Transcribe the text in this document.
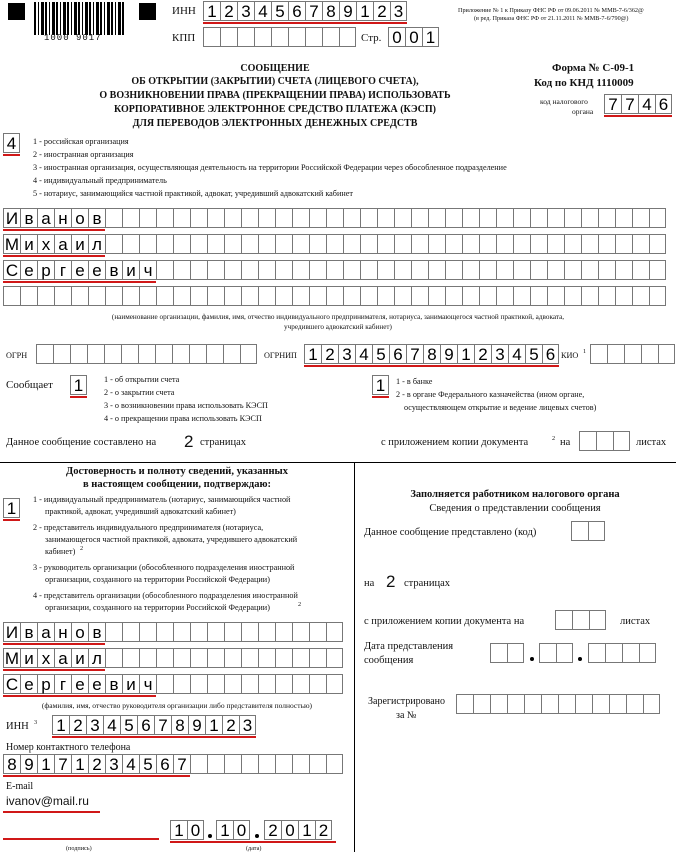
1000 9017
ИНН 1 2 3 4 5 6 7 8 9 1 2 3
КПП	Стр. 0 0 1
Приложение № 1 к Приказу ФНС РФ от 09.06.2011 № ММВ-7-6/362@
(в ред. Приказа ФНС РФ от 21.11.2011 № ММВ-7-6/790@)
СООБЩЕНИЕ
ОБ ОТКРЫТИИ (ЗАКРЫТИИ) СЧЕТА (ЛИЦЕВОГО СЧЕТА),
О ВОЗНИКНОВЕНИИ ПРАВА (ПРЕКРАЩЕНИИ ПРАВА) ИСПОЛЬЗОВАТЬ
КОРПОРАТИВНОЕ ЭЛЕКТРОННОЕ СРЕДСТВО ПЛАТЕЖА (КЭСП)
ДЛЯ ПЕРЕВОДОВ ЭЛЕКТРОННЫХ ДЕНЕЖНЫХ СРЕДСТВ
Форма № С-09-1
Код по КНД 1110009
код налогового
органа 7 7 4 6
4	1 - российская организация
2 - иностранная организация
3 - иностранная организация, осуществляющая деятельность на территории Российской Федерации через обособленное подразделение
4 - индивидуальный предприниматель
5 - нотариус, занимающийся частной практикой, адвокат, учредивший адвокатский кабинет
И в а н о в
М и х а и л
С е р г е е в и ч
(наименование организации, фамилия, имя, отчество индивидуального предпринимателя, нотариуса, занимающегося частной практикой, адвоката,
учредившего адвокатский кабинет)
ОГРН	ОГРНИП 1 2 3 4 5 6 7 8 9 1 2 3 4 5 6 КИО 1
Сообщает 1	1 - об открытии счета
2 - о закрытии счета
3 - о возникновении права использовать КЭСП
4 - о прекращении права использовать КЭСП
1	1 - в банке
2 - в органе Федерального казначейства (ином органе,
осуществляющем открытие и ведение лицевых счетов)
Данное сообщение составлено на 2 страницах	с приложением копии документа	2 на	листах
Достоверность и полноту сведений, указанных
в настоящем сообщении, подтверждаю:
1	1 - индивидуальный предприниматель (нотариус, занимающийся частной
практикой, адвокат, учредивший адвокатский кабинет)
2 - представитель индивидуального предпринимателя (нотариуса,
занимающегося частной практикой, адвоката, учредившего адвокатский
кабинет) 2
3 - руководитель организации (обособленного подразделения иностранной
организации, созданного на территории Российской Федерации)
4 - представитель организации (обособленного подразделения иностранной
организации, созданного на территории Российской Федерации)	2
И в а н о в
М и х а и л
С е р г е е в и ч
(фамилия, имя, отчество руководителя организации либо представителя полностью)
ИНН 3 1 2 3 4 5 6 7 8 9 1 2 3
Номер контактного телефона
8 9 1 7 1 2 3 4 5 6 7
E-mail
ivanov@mail.ru
1 0 1 0 2 0 1 2
(подпись)	(дата)
Заполняется работником налогового органа
Сведения о представлении сообщения
Данное сообщение представлено (код)
на 2 страницах
с приложением копии документа на	листах
Дата представления
сообщения
Зарегистрировано
за №
